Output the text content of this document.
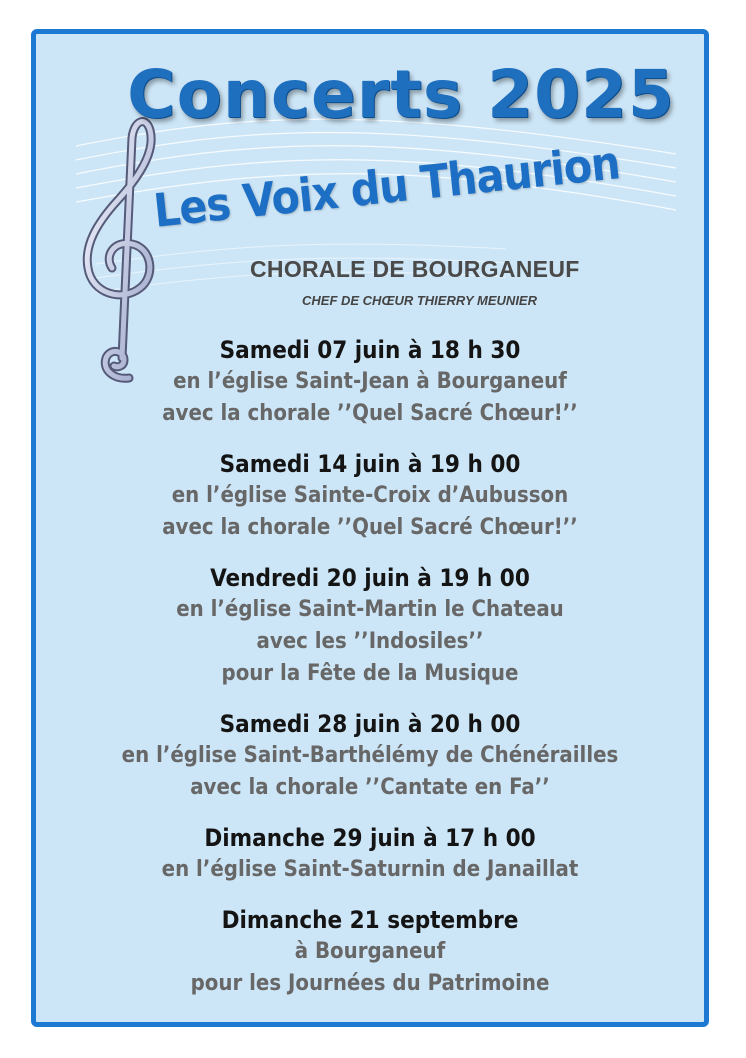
Concerts 2025
Les Voix du Thaurion

CHORALE DE BOURGANEUF

CHEF DE CHŒUR THIERRY MEUNIER

Samedi 07 juin à 18 h 30
en l’église Saint-Jean à Bourganeuf
avec la chorale ’’Quel Sacré Chœur!’’
Samedi 14 juin à 19 h 00
en l’église Sainte-Croix d’Aubusson
avec la chorale ’’Quel Sacré Chœur!’’
Vendredi 20 juin à 19 h 00
en l’église Saint-Martin le Chateau
avec les ’’Indosiles’’
pour la Fête de la Musique
Samedi 28 juin à 20 h 00
en l’église Saint-Barthélémy de Chénérailles
avec la chorale ’’Cantate en Fa’’
Dimanche 29 juin à 17 h 00
en l’église Saint-Saturnin de Janaillat
Dimanche 21 septembre
à Bourganeuf
pour les Journées du Patrimoine
